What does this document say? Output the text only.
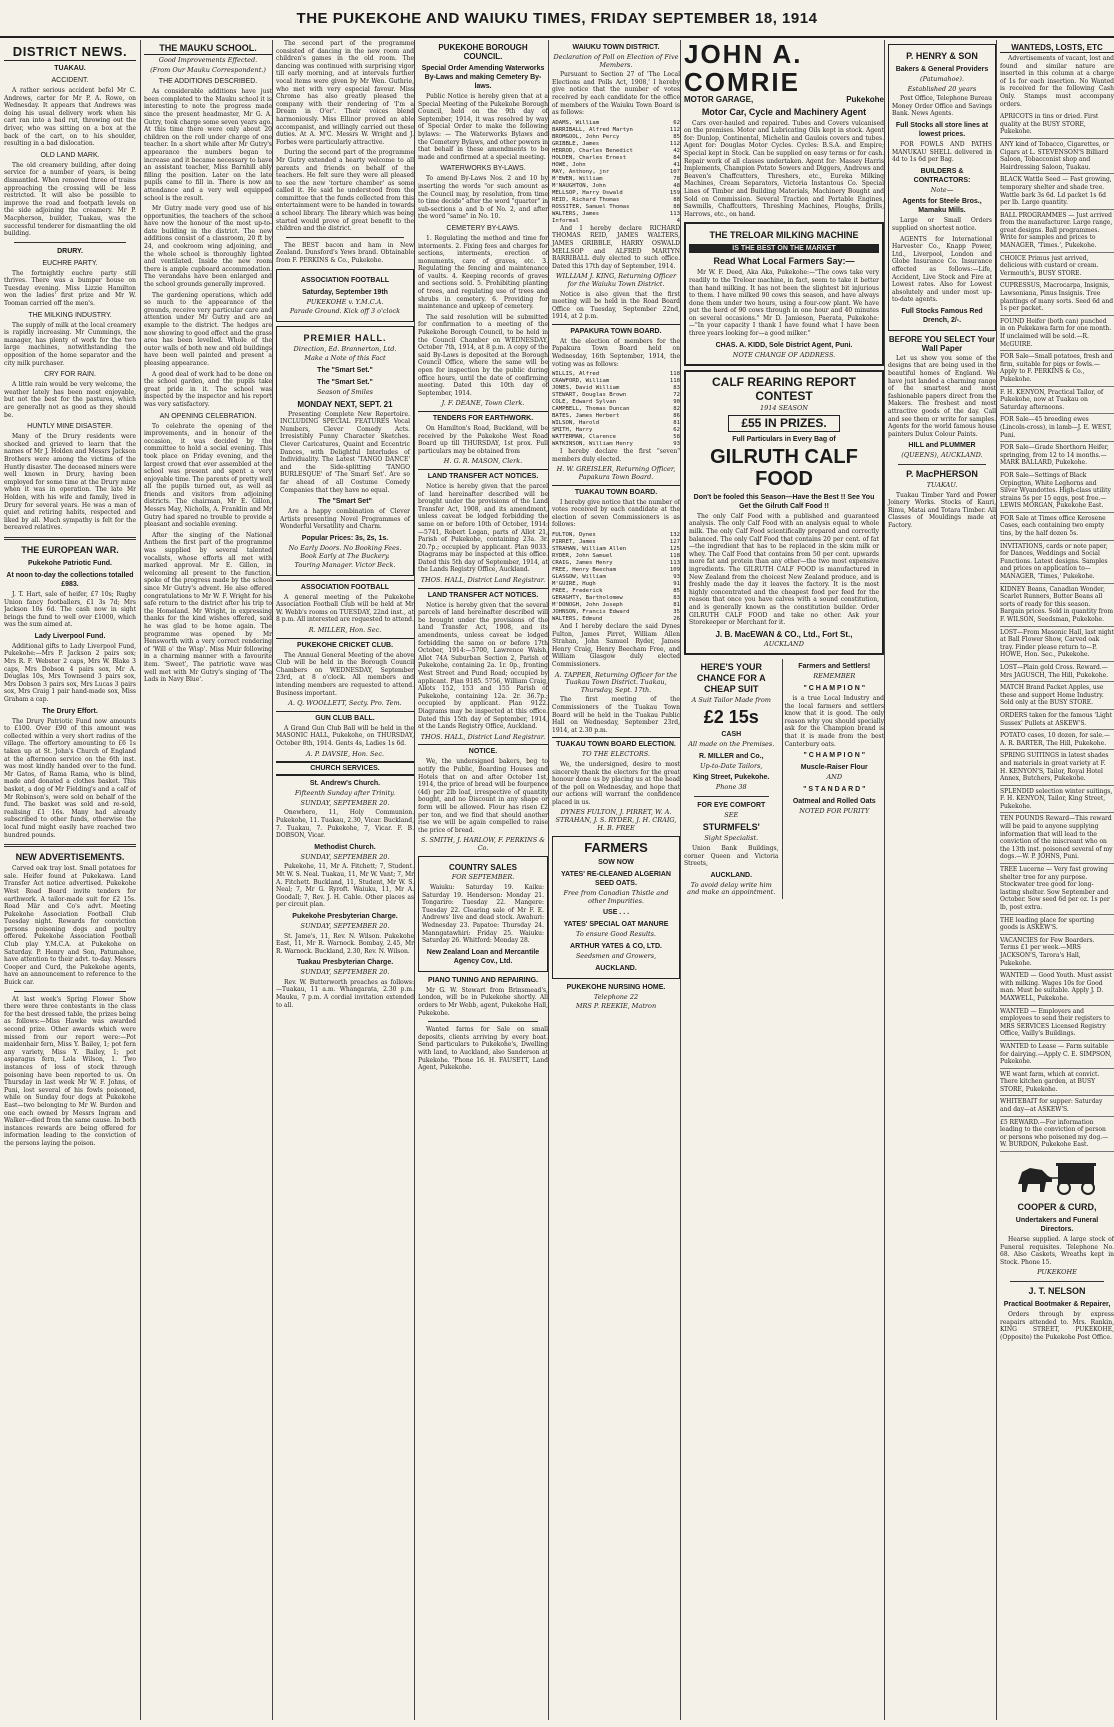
THE PUKEKOHE AND WAIUKU TIMES, FRIDAY SEPTEMBER 18, 1914
DISTRICT NEWS.
TUAKAU.
ACCIDENT.

A rather serious accident befel Mr C. Andrews, carter for Mr P. A. Rowe, on Wednesday. It appears that Andrews was doing his usual delivery work when his cart ran into a bad rut, throwing out the driver, who was sitting on a box at the back of the cart, on to his shoulder, resulting in a bad dislocation.

OLD LAND MARK.

The old creamery building, after doing service for a number of years, is being dismantled. When removed three of trains approaching the crossing will be less restricted. It will also be possible to improve the road and footpath levels on the side adjoining the creamery. Mr P. Macpherson, builder, Tuakau, was the successful tenderer for dismantling the old building.

DRURY.
EUCHRE PARTY.

The fortnightly euchre party still thrives. There was a bumper house on Tuesday evening. Miss Lizzie Hamilton won the ladies' first prize and Mr W. Tooman carried off the men's.

THE MILKING INDUSTRY.

The supply of milk at the local creamery is rapidly increasing. Mr Cummings, the manager, has plenty of work for the two large machines, notwithstanding the opposition of the home separator and the city milk purchaser.

CRY FOR RAIN.

A little rain would be very welcome, the weather lately has been most enjoyable, but not the best for the pastures, which are generally not as good as they should be.

HUNTLY MINE DISASTER.

Many of the Drury residents were shocked and grieved to learn that the names of Mr J. Holden and Messrs Jackson Brothers were among the victims of the Huntly disaster. The deceased miners were well known in Drury, having been employed for some time at the Drury mine when it was in operation. The late Mr Holden, with his wife and family, lived in Drury for several years. He was a man of quiet and retiring habits, respected and liked by all. Much sympathy is felt for the bereaved relatives.

THE EUROPEAN WAR.
Pukekohe Patriotic Fund.
At noon to-day the collections totalled £983.

J. T. Hart, sale of heifer, £7 10s; Rugby Union fancy footballers, £1 3s 7d; Mrs Jackson 10s 6d. The cash now in sight brings the fund to well over £1000, which was the sum aimed at.

Lady Liverpool Fund.

Additional gifts to Lady Liverpool Fund, Pukekohe:—Mrs P. Jackson 2 pairs sox; Mrs R. F. Webster 2 caps, Mrs W. Blake 3 caps, Mrs Dobson 4 pairs sox, Mr A. Douglas 10s, Mrs Townsend 3 pairs sox, Mrs Dobson 3 pairs sox, Mrs Lucas 3 pairs sox, Mrs Craig 1 pair hand-made sox, Miss Graham a cap.

The Drury Effort.

The Drury Patriotic Fund now amounts to £100. Over £90 of this amount was collected within a very short radius of the village. The offertory amounting to £6 1s taken up at St. John's Church of England at the afternoon service on the 6th inst. was most kindly handed over to the fund. Mr Gatos, of Rama Rama, who is blind, made and donated a clothes basket. This basket, a dog of Mr Fielding's and a calf of Mr Robinson's, were sold on behalf of the fund. The basket was sold and re-sold, realising £1 16s. Many had already subscribed to other funds, otherwise the local fund might easily have reached two hundred pounds.

NEW ADVERTISEMENTS.

Carved oak tray lost. Small potatoes for sale. Heifer found at Pukekawa. Land Transfer Act notice advertised. Pukekohe West Road Board invite tenders for earthwork. A tailor-made suit for £2 15s. Road Mär and Co's advt. Meeting Pukekohe Association Football Club Tuesday night. Rewards for conviction persons poisoning dogs and poultry offered. Pukekohe Association Football Club play Y.M.C.A. at Pukekohe on Saturday. P. Henry and Son, Patumahoe, have attention to their advt. to-day. Messrs Cooper and Curd, the Pukekohe agents, have an announcement to reference to the Buick car.

At last week's Spring Flower Show there were three contestants in the class for the best dressed table, the prizes being as follows:—Miss Hawke was awarded second prize. Other awards which were missed from our report were:—Pot maidenhair fern, Miss Y. Bailey, 1; pot fern any variety, Miss Y. Bailey, 1; pot asparagus fern, Lola Wilson, 1. Two instances of loss of stock through poisoning have been reported to us. On Thursday in last week Mr W. F. Johns, of Puni, lost several of his fowls poisoned, while on Sunday four dogs at Pukekohe East—two belonging to Mr W. Burdon and one each owned by Messrs Ingram and Walker—died from the same cause. In both instances rewards are being offered for information leading to the conviction of the persons laying the poison.

THE MAUKU SCHOOL.
Good Improvements Effected.
(From Our Mauku Correspondent.)
THE ADDITIONS DESCRIBED.

As considerable additions have just been completed to the Mauku school it is interesting to note the progress made since the present headmaster, Mr G. A. Gutry, took charge some seven years ago. At this time there were only about 20 children on the roll under charge of one teacher. In a short while after Mr Gutry's appearance the numbers began to increase and it became necessary to have an assistant teacher, Miss Barnhill ably filling the position. Later on the late pupils came to fill in. There is now an attendance and a very well equipped school is the result.

Mr Gutry made very good use of his opportunities, the teachers of the school have now the honour of the most up-to-date building in the district. The new additions consist of a classroom, 20 ft by 24, and cookroom wing adjoining, and the whole school is thoroughly lighted and ventilated. Inside the new room there is ample cupboard accommodation. The verandahs have been enlarged and the school grounds generally improved.

The gardening operations, which add so much to the appearance of the grounds, receive very particular care and attention under Mr Gutry and are an example to the district. The hedges are now showing to good effect and the grass area has been levelled. Whole of the outer walls of both new and old buildings have been well painted and present a pleasing appearance.

A good deal of work had to be done on the school garden, and the pupils take great pride in it. The school was inspected by the inspector and his report was very satisfactory.

AN OPENING CELEBRATION.

To celebrate the opening of the improvements, and in honour of the occasion, it was decided by the committee to hold a social evening. This took place on Friday evening, and the largest crowd that ever assembled at the school was present and spent a very enjoyable time. The parents of pretty well all the pupils turned out, as well as friends and visitors from adjoining districts. The chairman, Mr E. Gillon, Messrs May, Nicholls, A. Franklin and Mr Gutry had spared no trouble to provide a pleasant and sociable evening.

After the singing of the National Anthem the first part of the programme was supplied by several talented vocalists, whose efforts all met with marked approval. Mr E. Gillon, in welcoming all present to the function, spoke of the progress made by the school since Mr Gutry's advent. He also offered congratulations to Mr W. F. Wright for his safe return to the district after his trip to the Homeland. Mr Wright, in expressing thanks for the kind wishes offered, said he was glad to be home again. The programme was opened by Mr Hensworth with a very correct rendering of 'Will o' the Wisp'. Miss Muir following in a charming manner with a favourite item. 'Sweet', The patriotic wave was well met with Mr Gutry's singing of 'The Lads in Navy Blue'.

The second part of the programme consisted of dancing in the new room and children's games in the old room. The dancing was continued with surprising vigor till early morning, and at intervals further vocal items were given by Mr Wen. Guthrie, who met with very especial favour. Miss Chrome has also greatly pleased the company with their rendering of 'I'm a Dream in O'er'. Their voices blend harmoniously. Miss Ellinor proved an able accompanist, and willingly carried out these duties. At A. M'C. Messrs W. Wright and J. Forbes were particularly attractive.

During the second part of the programme Mr Gutry extended a hearty welcome to all parents and friends on behalf of the teachers. He felt sure they were all pleased to see the new 'torture chamber' as some called it. He said he understood from the committee that the funds collected from this entertainment were to be handed in towards a school library. The library which was being started would prove of great benefit to the children and the district.

The BEST bacon and ham in New Zealand. Dunsford's Yews brand. Obtainable from F. PERKINS & Co., Pukekohe.

ASSOCIATION FOOTBALL
Saturday, September 19th
PUKEKOHE v. Y.M.C.A.
Parade Ground. Kick off 3 o'clock
PREMIER HALL.
Direction, Ed. Brannerton, Ltd.
Make a Note of this Fact
The "Smart Set."
The "Smart Set."
Season of Smiles
MONDAY NEXT, SEPT. 21

Presenting Complete New Repertoire. INCLUDING SPECIAL FEATURES Vocal Numbers, Clever Comedy Acts. Irresistibly Funny Character Sketches. Clever Caricatures, Quaint and Eccentric Dances, with Delightful Interludes of Individuality. The Latest 'TANGO DANCE' and the Side-splitting 'TANGO BURLESQUE' of 'The Smart Set'. Are so far ahead of all Costume Comedy Companies that they have no equal.

The "Smart Set"

Are a happy combination of Clever Artists presenting Novel Programmes of Wonderful Versatility and Charm.

Popular Prices: 3s, 2s, 1s.
No Early Doors. No Booking Fees. Book Early at The Buckery.
Touring Manager. Victor Beck.
ASSOCIATION FOOTBALL

A general meeting of the Pukekohe Association Football Club will be held at Mr W. Webb's rooms on TUESDAY, 22nd inst., at 8 p.m. All interested are requested to attend.

R. MILLER, Hon. Sec.
PUKEKOHE CRICKET CLUB.

The Annual General Meeting of the above Club will be held in the Borough Council Chambers on WEDNESDAY, September 23rd, at 8 o'clock. All members and intending members are requested to attend. Business important.

A. Q. WOOLLETT, Secty. Pro. Tem.
GUN CLUB BALL.

A Grand Gun Club Ball will be held in the MASONIC HALL, Pukekohe, on THURSDAY, October 8th, 1914. Gents 4s, Ladies 1s 6d.

A. P. DAVSIE, Hon. Sec.
CHURCH SERVICES.
St. Andrew's Church.
Fifteenth Sunday after Trinity.
SUNDAY, SEPTEMBER 20.

Onewhero, 11, Holy Communion. Pukekohe, 11. Tuakau, 2.30, Vicar. Buckland, 7. Tuakau, 7. Pukekohe, 7, Vicar. F. B. DOBSON, Vicar.

Methodist Church.
SUNDAY, SEPTEMBER 20.

Pukekohe, 11, Mr A. Fitchett; 7, Student. Mt W. S. Neal. Tuakau, 11, Mr W. Vant; 7, Mr A. Fitchett. Buckland, 11, Student, Mr W. S. Neal; 7, Mr G. Ryroft. Waiuku, 11, Mr A. Goodall; 7, Rev. J. H. Cable. Other places as per circuit plan.

Pukekohe Presbyterian Charge.
SUNDAY, SEPTEMBER 20.

St. Jame's, 11, Rev. N. Wilson. Pukekohe East, 11, Mr R. Warnock. Bombay, 2.45, Mr R. Warnock. Buckland, 2.30, Rev. N. Wilson.

Tuakau Presbyterian Charge.
SUNDAY, SEPTEMBER 20.

Rev. W. Butterworth preaches as follows:—Tuakau, 11 a.m. Whangarata, 2.30 p.m. Mauku, 7 p.m. A cordial invitation extended to all.

PUKEKOHE BOROUGH COUNCIL.
Special Order Amending Waterworks By-Laws and making Cemetery By-laws.

Public Notice is hereby given that at a Special Meeting of the Pukekohe Borough Council, held on the 9th day of September, 1914, it was resolved by way of Special Order to make the following bylaws: — The Waterworks Bylaws and the Cemetery Bylaws, and other powers in that behalf in these amendments to be made and confirmed at a special meeting.

WATERWORKS BY-LAWS.

To amend By-Laws Nos. 2 and 10 by inserting the words "or such amount as the Council may, by resolution, from time to time decide" after the word "quarter" in sub-sections a and b of No. 2, and after the word "same" in No. 10.

CEMETERY BY-LAWS.

1. Regulating the method and time for interments. 2. Fixing fees and charges for sections, interments, erection of monuments, care of graves, etc. 3. Regulating the fencing and maintenance of vaults. 4. Keeping records of graves and sections sold. 5. Prohibiting planting of trees, and regulating use of trees and shrubs in cemetery. 6. Providing for maintenance and upkeep of cemetery.

The said resolution will be submitted for confirmation to a meeting of the Pukekohe Borough Council, to be held in the Council Chamber on WEDNESDAY, October 7th, 1914, at 8 p.m. A copy of the said By-Laws is deposited at the Borough Council Office, where the same will be open for inspection by the public during office hours, until the date of confirming meeting. Dated this 10th day of September, 1914.

J. F. DEANE, Town Clerk.
TENDERS FOR EARTHWORK.

On Hamilton's Road, Buckland, will be received by the Pukekohe West Road Board up till THURSDAY, 1st prox. Full particulars may be obtained from

H. G. R. MASON, Clerk.
LAND TRANSFER ACT NOTICES.

Notice is hereby given that the parcel of land hereinafter described will be brought under the provisions of the Land Transfer Act, 1908, and its amendment, unless caveat be lodged forbidding the same on or before 10th of October, 1914:—5741, Robert Logan, parts of Allot 21, Parish of Pukekohe, containing 23a. 3r. 20.7p.; occupied by applicant. Plan 9033. Diagrams may be inspected at this office. Dated this 5th day of September, 1914, at the Lands Registry Office, Auckland.

THOS. HALL, District Land Registrar.
LAND TRANSFER ACT NOTICES.

Notice is hereby given that the several parcels of land hereinafter described will be brought under the provisions of the Land Transfer Act, 1908, and its amendments, unless caveat be lodged forbidding the same on or before 17th October, 1914:—5700, Lawrence Walsh, Allot 74A Suburban Section 2, Parish of Pukekohe, containing 2a. 1r. 0p., fronting West Street and Pund Road; occupied by applicant. Plan 9185. 5756, William Craig, Allots 152, 153 and 155 Parish of Pukekohe, containing 12a. 2r. 36.7p.; occupied by applicant. Plan 9122. Diagrams may be inspected at this office. Dated this 15th day of September, 1914, at the Lands Registry Office, Auckland.

THOS. HALL, District Land Registrar.
NOTICE.

We, the undersigned bakers, beg to notify the Public, Boarding Houses and Hotels that on and after October 1st, 1914, the price of bread will be fourpence (4d) per 2lb loaf, irrespective of quantity bought, and no Discount in any shape or form will be allowed. Flour has risen £2 per ton, and we find that should another rise we will be again compelled to raise the price of bread.

S. SMITH, J. HARLOW, F. PERKINS & Co.
COUNTRY SALES
FOR SEPTEMBER.

Waiuku: Saturday 19. Kaiku: Saturday 19. Henderson: Monday 21. Tongariro: Tuesday 22. Mangere: Tuesday 22. Clearing sale of Mr F. E. Andrews' live and dead stock. Awahuri: Wednesday 23. Papatoe: Thursday 24. Manngatawhiri: Friday 25. Waiuku: Saturday 26. Whitford: Monday 28.

New Zealand Loan and Mercantile Agency Cov., Ltd.
PIANO TUNING AND REPAIRING.

Mr G. W. Stewart from Brinsmead's, London, will be in Pukekohe shortly. All orders to Mr Webb, agent, Pukekohe Hall, Pukekohe.

Wanted farms for Sale on small deposits, clients arriving by every boat. Send particulars to Pukekohe's, Dwelling with land, to Auckland, also Sanderson at Pukekohe. 'Phone 16. H. FAUSETT, Land Agent, Pukekohe.

WAIUKU TOWN DISTRICT.
Declaration of Poll on Election of Five Members.

Pursuant to Section 27 of 'The Local Elections and Polls Act, 1908,' I hereby give notice that the number of votes received by each candidate for the office of members of the Waiuku Town Board is as follows:

ADAMS, William	62
BARRIBALL, Alfred Martyn	112
BROMGOOL, John Percy	85
GRIBBLE, James	112
HERROD, Charles Benedict	42
HOLDEN, Charles Ernest	84
HOWE, John	41
MAY, Anthony, jnr	107
M'EWEN, William	78
M'NAUGHTON, John	48
MELLSOP, Harry Oswald	159
REID, Richard Thomas	88
ROSSITER, Samuel Thomas	88
WALTERS, James	113
Informal	4

And I hereby declare RICHARD THOMAS REID, JAMES WALTERS, JAMES GRIBBLE, HARRY OSWALD MELLSOP and ALFRED MARTYN BARRIBALL duly elected to such office. Dated this 17th day of September, 1914.

WILLIAM J. KING, Returning Officer for the Waiuku Town District.

Notice is also given that the first meeting will be held in the Road Board Office on Tuesday, September 22nd, 1914, at 2 p.m.

PAPAKURA TOWN BOARD.

At the election of members for the Papakura Town Board held on Wednesday, 16th September, 1914, the voting was as follows:

WILLIS, Alfred	118
CRAWFORD, William	118
JONES, David William	83
STEWART, Douglas Brown	72
COLE, Edward Sylvan	90
CAMPBELL, Thomas Duncan	82
BATES, James Herbert	86
WILSON, Harold	81
SMITH, Harry	62
WATTERMAN, Clarence	58
WATKINSON, William Henry	93

I hereby declare the first "seven" members duly elected.

H. W. GREISLER, Returning Officer, Papakura Town Board.
TUAKAU TOWN BOARD.

I hereby give notice that the number of votes received by each candidate at the election of seven Commissioners is as follows:

FULTON, Dynes	132
PIRRET, James	127
STRAHAN, William Allen	125
RYDER, John Samuel	118
CRAIG, James Henry	113
FREE, Henry Beecham	109
GLASGOW, William	93
M'GUIRE, Hugh	91
FREE, Frederick	85
GERAGHTY, Bartholomew	83
M'DONOGH, John Joseph	81
JOHNSON, Francis Edward	35
WALTERS, Edmund	26

And I hereby declare the said Dynes Fulton, James Pirret, William Allen Strahan, John Samuel Ryder, James Henry Craig, Henry Beecham Free, and William Glasgow duly elected Commissioners.

A. TAPPER, Returning Officer for the Tuakau Town District. Tuakau, Thursday, Sept. 17th.

The first meeting of the Commissioners of the Tuakau Town Board will be held in the Tuakau Public Hall on Wednesday, September 23rd, 1914, at 2.30 p.m.

TUAKAU TOWN BOARD ELECTION.
TO THE ELECTORS.

We, the undersigned, desire to most sincerely thank the electors for the great honour done us by placing us at the head of the poll on Wednesday, and hope that our actions will warrant the confidence placed in us.

DYNES FULTON, J. PIRRET, W. A. STRAHAN, J. S. RYDER, J. H. CRAIG, H. B. FREE
FARMERS
SOW NOW
YATES' RE-CLEANED ALGERIAN SEED OATS.
Free from Canadian Thistle and other Impurities.
USE . . .
YATES' SPECIAL OAT MANURE
To ensure Good Results.
ARTHUR YATES & CO, LTD.
Seedsmen and Growers,
AUCKLAND.
PUKEKOHE NURSING HOME.
Telephone 22
MRS P. REEKIE, Matron
JOHN A. COMRIE
MOTOR GARAGE,	Pukekohe
Motor Car, Cycle and Machinery Agent

Cars over-hauled and repaired. Tubes and Covers vulcanised on the premises. Motor and Lubricating Oils kept in stock. Agent for: Dunlop, Continental, Michelin and Gaulois covers and tubes. Agent for: Douglas Motor Cycles. Cycles: B.S.A. and Empire; Special kept in Stock. Can be supplied on easy terms or for cash. Repair work of all classes undertaken. Agent for: Massey Harris Implements, Champion Potato Sowers and Diggers, Andrews and Beaven's Chaffcutters, Threshers, etc., Eureka Milking Machines, Cream Separators, Victoria Instantous Co. Special Lines of Timber and Building Materials, Machinery Bought and Sold on Commission. Several Traction and Portable Engines, Sawmills, Chaffcutters, Threshing Machines, Ploughs, Drills, Harrows, etc., on hand.

THE TRELOAR MILKING MACHINE
IS THE BEST ON THE MARKET
Read What Local Farmers Say:—

Mr W. F. Deed, Aka Aka, Pukekohe:—"The cows take very readily to the Treloar machine, in fact, seem to take it better than hand milking. It has not been the slightest bit injurious to them. I have milked 90 cows this season, and have always done them under two hours, using a four-cow plant. We have put the herd of 90 cows through in one hour and 40 minutes on several occasions." Mr D. Jamieson, Paerata, Pukekohe:—"In your capacity I thank I have found what I have been three years looking for—a good milker."

CHAS. A. KIDD, Sole District Agent, Puni.
NOTE CHANGE OF ADDRESS.
CALF REARING REPORT CONTEST
1914 SEASON
£55 IN PRIZES.
Full Particulars in Every Bag of
GILRUTH CALF FOOD
Don't be fooled this Season—Have the Best !! See You Get the Gilruth Calf Food !!

The only Calf Food with a published and guaranteed analysis. The only Calf Food with an analysis equal to whole milk. The only Calf Food scientifically prepared and correctly balanced. The only Calf Food that contains 20 per cent. of fat—the ingredient that has to be replaced in the skim milk or whey. The Calf Food that contains from 50 per cent. upwards more fat and protein than any other—the two most expensive ingredients. The GILRUTH CALF FOOD is manufactured in New Zealand from the choicest New Zealand produce, and is freshly made the day it leaves the factory. It is the most highly concentrated and the cheapest food per feed for the reason that once you have calves with a sound constitution, and is generally known as the constitution builder. Order GILRUTH CALF FOOD and take no other. Ask your Storekeeper or Merchant for it.

J. B. MacEWAN & CO., Ltd., Fort St.,
AUCKLAND
HERE'S YOUR CHANCE FOR A CHEAP SUIT
A Suit Tailor Made from
£2 15s
CASH
All made on the Premises.
R. MILLER and Co.,
Up-to-Date Tailors,
King Street, Pukekohe.
Phone 38
FOR EYE COMFORT
SEE
STURMFELS'
Sight Specialist.

Union Bank Buildings, corner Queen and Victoria Streets,

AUCKLAND.
To avoid delay write him and make an appointment.
Farmers and Settlers!
REMEMBER
" C H A M P I O N "

is a true Local Industry and the local farmers and settlers know that it is good. The only reason why you should specially ask for the Champion brand is that it is made from the best Canterbury oats.

" C H A M P I O N "
Muscle-Raiser Flour
AND
" S T A N D A R D "
Oatmeal and Rolled Oats
NOTED FOR PURITY
P. HENRY & SON
Bakers & General Providers
(Patumahoe).
Established 20 years

Post Office, Telephone Bureau Money Order Office and Savings Bank. News Agents.

Full Stocks all store lines at lowest prices.

FOR FOWLS AND PATHS MANUKAU SHELL delivered in 4d to 1s 6d per Bag.

BUILDERS & CONTRACTORS:
Note—
Agents for Steele Bros., Mamaku Mills.

Large or Small Orders supplied on shortest notice.

AGENTS for International Harvester Co., Knapp Power, Ltd., Liverpool, London and Globe Insurance Co. Insurance effected as follows:—Life, Accident, Live Stock and Fire at Lowest rates. Also for Lowest absolutely and under most up-to-date agents.

Full Stocks Famous Red Drench, 2/-.
BEFORE YOU SELECT Your Wall Paper

Let us show you some of the designs that are being used in the beautiful homes of England. We have just landed a charming range of the smartest and most fashionable papers direct from the Makers. The freshest and most attractive goods of the day. Call and see them or write for samples. Agents for the world famous house painters Dulux Colour Paints.

HILL and PLUMMER
(QUEENS), AUCKLAND.
P. MacPHERSON
TUAKAU.

Tuakau Timber Yard and Power Joinery Works. Stocks of Kauri, Rimu, Matai and Totara Timber. All Classes of Mouldings made at Factory.

WANTEDS, LOSTS, ETC

Advertisements of vacant, lost and found and similar nature are inserted in this column at a charge of 1s for each insertion. No Wanted is received for the following Cash Only. Stamps must accompany orders.

APRICOTS in tins or dried. First quality at the BUSY STORE, Pukekohe.
ANY kind of Tobacco, Cigarettes, or Cigars at L. STEVENSON'S Billiard Saloon, Tobacconist shop and Hairdressing Saloon, Tuakau.
BLACK Wattle Seed — Fast growing, temporary shelter and shade tree. Wattle bark 3s 6d. Ld packet 1s 6d per lb. Large quantity.
BALL PROGRAMMES — Just arrived from the manufacturer. Large range, great designs. Ball programmes. Write for samples and prices to MANAGER, 'Times.', Pukekohe.
CHOICE Primus just arrived, delicious with custard or cream. Vermouth's, BUSY STORE.
CUPRESSUS, Macrocarpa, Insignis, Lawsoniana, Pinus Insignis. Tree plantings of many sorts. Seed 6d and 1s per packet.
FOUND Heifer (both can) punched in on Pukekawa farm for one month. If unclaimed will be sold.—R. McGUIRE.
FOR Sale—Small potatoes, fresh and firm, suitable for pigs or fowls.—Apply to F. PERKINS & Co., Pukekohe.
F. H. KENYON, Practical Tailor, of Pukekohe, now at Tuakau on Saturday afternoons.
FOR Sale—45 breeding ewes (Lincoln-cross), in lamb—J. E. WEST, Puni.
FOR Sale—Grade Shorthorn Heifer, springing, from 12 to 14 months.—MARK BALLARD, Pukekohe.
FOR Sale—Settings of Black Orpington, White Leghorns and Silver Wyandottes. High-class utility strains 5s per 15 eggs, post free.—LEWIS MORGAN, Pukekohe East.
FOR Sale at Times office Kerosene Cases, each containing two empty tins, by the half dozen 5s.
INVITATIONS, cards or note paper, for Dances, Weddings and Social Functions. Latest designs. Samples and prices on application to—MANAGER, 'Times,' Pukekohe.
KIDNEY Beans, Canadian Wonder, Scarlet Runners, Butter Beans all sorts of ready for this season. Bargain prices. Sold in quantity from F. WILSON, Seedsman, Pukekohe.
LOST—From Masonic Hall, last night at Ball Flower Show, Carved oak tray. Finder please return to—P. HOWE, Hon. Sec., Pukekohe.
LOST—Plain gold Cross. Reward.—Mrs JAGUSCH, The Hill, Pukekohe.
MATCH Brand Packet Apples, use these and support Home Industry. Sold only at the BUSY STORE.
ORDERS taken for the famous 'Light Sussex' Pullets at ASKEW'S.
POTATO cases, 10 dozen, for sale.—A. R. BARTER, The Hill, Pukekohe.
SPRING SUITINGS in latest shades and materials in great variety at F. H. KENYON'S, Tailor, Royal Hotel Annex, Butchers, Pukekohe.
SPLENDID selection winter suitings, F. H. KENYON, Tailor, King Street, Pukekohe.
TEN POUNDS Reward—This reward will be paid to anyone supplying information that will lead to the conviction of the miscreant who on the 13th inst. poisoned several of my dogs.—W. P. JOHNS, Puni.
TREE Lucerne — Very fast growing shelter tree for any purpose. Stockwater tree good for long-lasting shelter. Sow September and October. Sow seed 6d per oz. 1s per lb, post extra.
THE leading place for sporting goods is ASKEW'S.
VACANCIES for Few Boarders. Terms £1 per week.—MRS JACKSON'S, Tarora's Hall, Pukekohe.
WANTED — Good Youth. Must assist with milking. Wages 10s for Good man. Must be suitable. Apply J. D. MAXWELL, Pukekohe.
WANTED — Employers and employees to send their registers to MRS SERVICES Licensed Registry Office, Vailly's Buildings.
WANTED to Lease — Farm suitable for dairying.—Apply C. E. SIMPSON, Pukekohe.
WE want farm, which at convict. There kitchen garden, at BUSY STORE, Pukekohe.
WHITEBAIT for supper: Saturday and day—at ASKEW'S.
£5 REWARD.—For information leading to the conviction of person or persons who poisoned my dog.—W. BURDON, Pukekohe East.
COOPER & CURD,
Undertakers and Funeral Directors.

Hearse supplied. A large stock of Funeral requisites. Telephone No. 68. Also Caskets, Wreaths kept in Stock. Phone 15.

PUKEKOHE
J. T. NELSON
Practical Bootmaker & Repairer,

Orders through by express reapairs attended to. Mrs. Rankin, KING STREET, PUKEKOHE, (Opposite) the Pukekohe Post Office.
